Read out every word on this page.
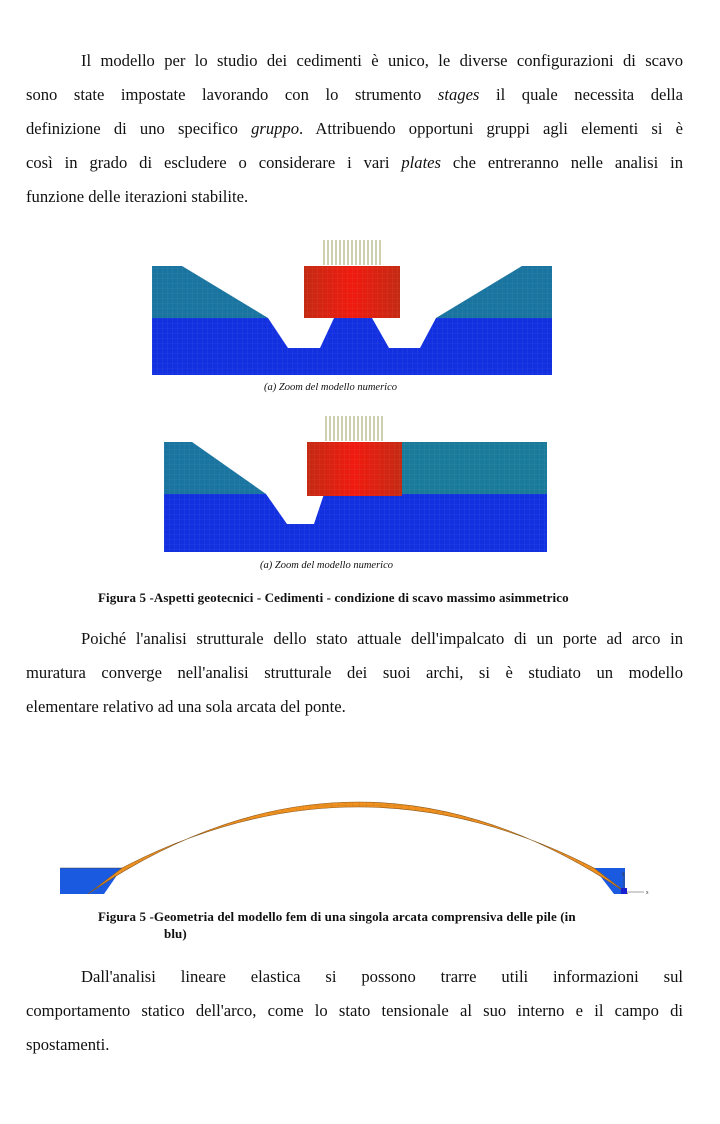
Il modello per lo studio dei cedimenti è unico, le diverse configurazioni di scavo
sono state impostate lavorando con lo strumento stages il quale necessita della
definizione di uno specifico gruppo. Attribuendo opportuni gruppi agli elementi si è
così in grado di escludere o considerare i vari plates che entreranno nelle analisi in
funzione delle iterazioni stabilite.
(a) Zoom del modello numerico
(a) Zoom del modello numerico
Figura 5 -Aspetti geotecnici - Cedimenti - condizione di scavo massimo asimmetrico
Poiché l'analisi strutturale dello stato attuale dell'impalcato di un porte ad arco in
muratura converge nell'analisi strutturale dei suoi archi, si è studiato un modello
elementare relativo ad una sola arcata del ponte.
y
x
Figura 5 -Geometria del modello fem di una singola arcata comprensiva delle pile (in
blu)
Dall'analisi lineare elastica si possono trarre utili informazioni sul
comportamento statico dell'arco, come lo stato tensionale al suo interno e il campo di
spostamenti.
